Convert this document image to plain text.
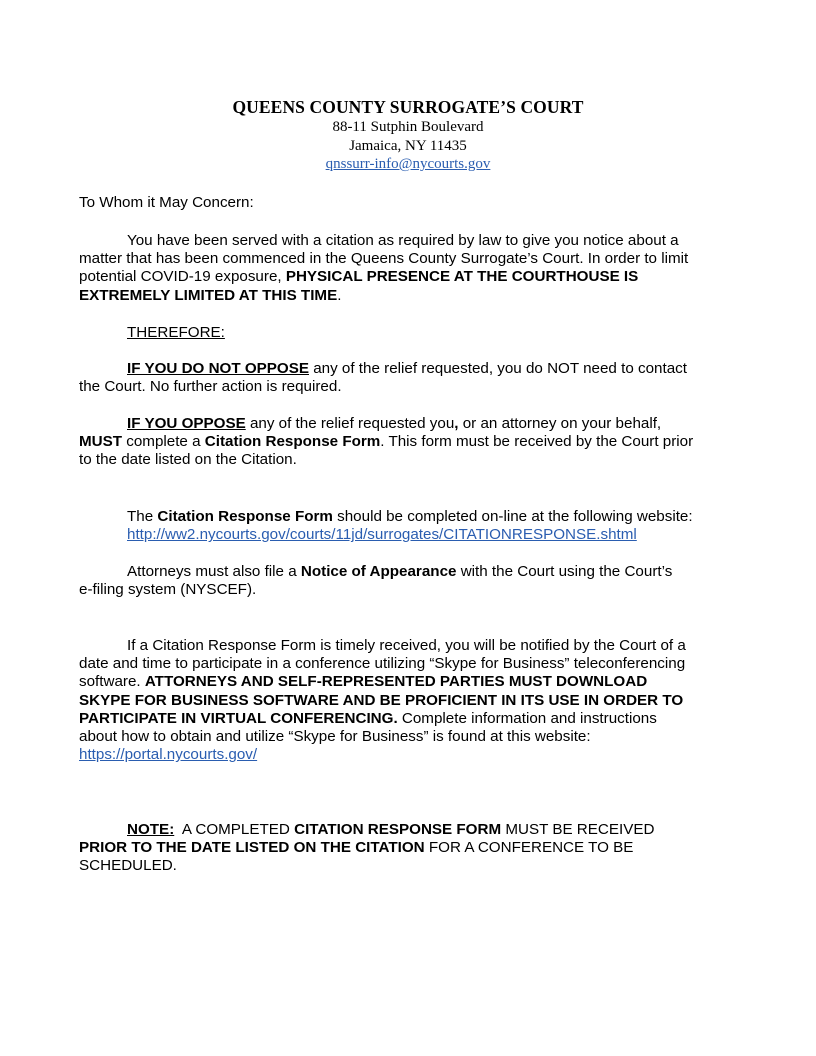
QUEENS COUNTY SURROGATE’S COURT
88-11 Sutphin Boulevard
Jamaica, NY 11435
qnssurr-info@nycourts.gov

To Whom it May Concern:

You have been served with a citation as required by law to give you notice about a
matter that has been commenced in the Queens County Surrogate’s Court. In order to limit
potential COVID-19 exposure, PHYSICAL PRESENCE AT THE COURTHOUSE IS
EXTREMELY LIMITED AT THIS TIME.
THEREFORE:
IF YOU DO NOT OPPOSE any of the relief requested, you do NOT need to contact
the Court. No further action is required.
IF YOU OPPOSE any of the relief requested you, or an attorney on your behalf,
MUST complete a Citation Response Form. This form must be received by the Court prior
to the date listed on the Citation.
The Citation Response Form should be completed on-line at the following website:
http://ww2.nycourts.gov/courts/11jd/surrogates/CITATIONRESPONSE.shtml
Attorneys must also file a Notice of Appearance with the Court using the Court’s
e-filing system (NYSCEF).
If a Citation Response Form is timely received, you will be notified by the Court of a
date and time to participate in a conference utilizing “Skype for Business” teleconferencing
software. ATTORNEYS AND SELF-REPRESENTED PARTIES MUST DOWNLOAD
SKYPE FOR BUSINESS SOFTWARE AND BE PROFICIENT IN ITS USE IN ORDER TO
PARTICIPATE IN VIRTUAL CONFERENCING. Complete information and instructions
about how to obtain and utilize “Skype for Business” is found at this website:
https://portal.nycourts.gov/
NOTE:  A COMPLETED CITATION RESPONSE FORM MUST BE RECEIVED
PRIOR TO THE DATE LISTED ON THE CITATION FOR A CONFERENCE TO BE
SCHEDULED.
